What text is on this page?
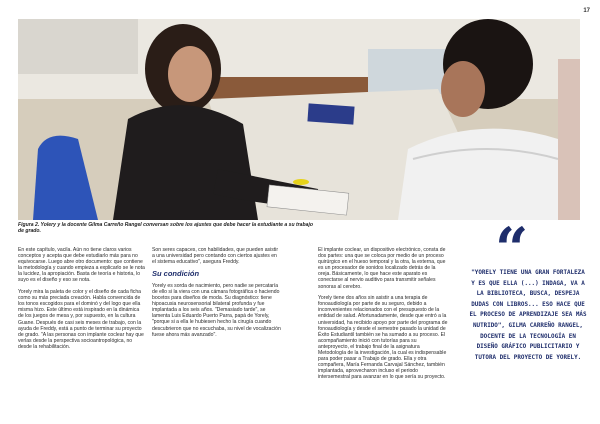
17
Figura 2. Yolery y la docente Gilma Carreño Rangel conversan sobre los ajustes que debe hacer la estudiante a su trabajo de grado.

En este capítulo, vacila. Aún no tiene claros varios conceptos y acepta que debe estudiarlo más para no equivocarse. Luego abre otro documento: que contiene la metodología y cuando empieza a explicarlo se le nota la lucidez, la apropiación. Basta de teoría e historia, lo suyo es el diseño y eso se nota.

Yorely mira la paleta de color y el diseño de cada ficha como su más preciada creación. Habla convencida de los tonos escogidos para el dominó y del logo que ella misma hizo. Este último está inspirado en la dinámica de los juegos de mesa y, por supuesto, en la cultura Guane. Después de casi seis meses de trabajo, con la ayuda de Freddy, está a punto de terminar su proyecto de grado. "A las personas con implante coclear hay que verlas desde la perspectiva socioantropológica, no desde la rehabilitación.

Son seres capaces, con habilidades, que pueden asistir a una universidad pero contando con ciertos ajustes en el sistema educativo", asegura Freddy.

Su condición

Yorely es sorda de nacimiento, pero nadie se percataría de ello si la viera con una cámara fotográfica o haciendo bocetos para diseños de moda. Su diagnóstico: tiene hipoacusia neurosensorial bilateral profunda y fue implantada a los seis años. "Demasiado tarde", se lamenta Luis Eduardo Puerto Parra, papá de Yorely, "porque si a ella le hubiesen hecho la cirugía cuando descubrieron que no escuchaba, su nivel de vocalización fuese ahora más avanzado".

El implante coclear, un dispositivo electrónico, consta de dos partes: una que se coloca por medio de un proceso quirúrgico en el hueso temporal y la otra, la externa, que es un procesador de sonidos localizado detrás de la oreja. Básicamente, lo que hace este aparato es conectarse al nervio auditivo para transmitir señales sonoras al cerebro.

Yorely tiene dos años sin asistir a una terapia de fonoaudiología por parte de su seguro, debido a inconvenientes relacionados con el presupuesto de la entidad de salud. Afortunadamente, desde que entró a la universidad, ha recibido apoyo por parte del programa de fonoaudiología y desde el semestre pasado la unidad de Éxito Estudiantil también se ha sumado a su proceso. El acompañamiento inició con tutorías para su anteproyecto, el trabajo final de la asignatura Metodología de la investigación, la cual es indispensable para poder pasar a Trabajo de grado. Ella y otra compañera, María Fernanda Carvajal Sánchez, también implantada, aprovecharon incluso el periodo intersemestral para avanzar en lo que sería su proyecto.

“
"YORELY TIENE UNA GRAN FORTALEZA Y ES QUE ELLA (...) INDAGA, VA A LA BIBLIOTECA, BUSCA, DESPEJA DUDAS CON LIBROS... ESO HACE QUE EL PROCESO DE APRENDIZAJE SEA MÁS NUTRIDO", GILMA CARREÑO RANGEL, DOCENTE DE LA TECNOLOGÍA EN DISEÑO GRÁFICO PUBLICITARIO Y TUTORA DEL PROYECTO DE YORELY.
